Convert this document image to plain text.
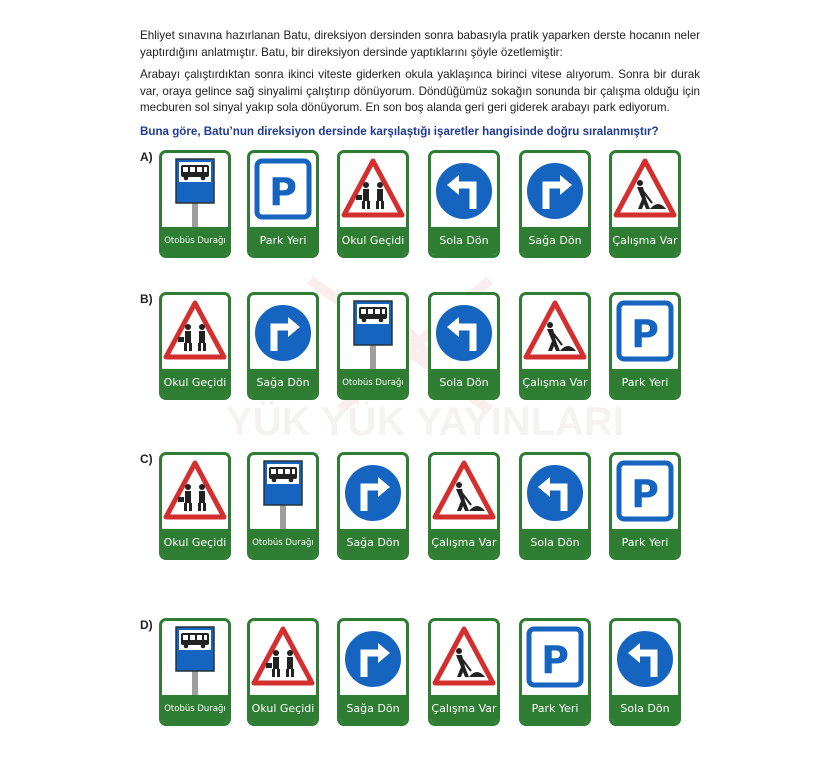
Ehliyet sınavına hazırlanan Batu, direksiyon dersinden sonra babasıyla pratik yaparken derste hocanın neler yaptırdığını anlatmıştır. Batu, bir direksiyon dersinde yaptıklarını şöyle özetlemiştir:
Arabayı çalıştırdıktan sonra ikinci viteste giderken okula yaklaşınca birinci vitese alıyorum. Sonra bir durak var, oraya gelince sağ sinyalimi çalıştırıp dönüyorum. Döndüğümüz sokağın sonunda bir çalışma olduğu için mecburen sol sinyal yakıp sola dönüyorum. En son boş alanda geri geri giderek arabayı park ediyorum.
Buna göre, Batu’nun direksiyon dersinde karşılaştığı işaretler hangisinde doğru sıralanmıştır?
YÜK YÜK YAYINLARI
A)
Otobüs Durağı
P
Park Yeri	Okul Geçidi	Sola Dön	Sağa Dön	Çalışma Var
B)
Okul Geçidi	Sağa Dön	Otobüs Durağı	Sola Dön	Çalışma Var
P
Park Yeri
C)
Okul Geçidi	Otobüs Durağı	Sağa Dön	Çalışma Var	Sola Dön
P
Park Yeri
D)
Otobüs Durağı Okul Geçidi	Sağa Dön	Çalışma Var
P
Park Yeri	Sola Dön
